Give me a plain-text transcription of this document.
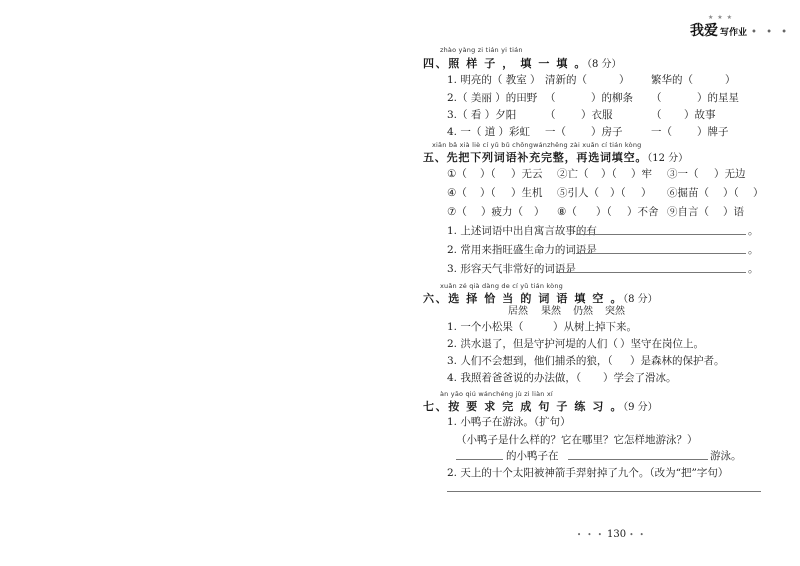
★ ★ ★
我爱 写作业 • • •
zhào yàng zi tián yi tián
四、照 样 子 ， 填 一 填 。（8 分）
1. 明亮的（ 教室 ） 清新的（	） 繁华的（	）
2.（ 美丽 ）的田野 （	）的柳条 （	）的星星
3.（ 看 ）夕阳	（ ）衣服	（ ）故事
4. 一（ 道 ）彩虹 一（ ）房子	一（ ）牌子
xiān bǎ xià liè cí yǔ bǔ chōngwánzhěng zài xuǎn cí tián kòng
五、先把下列词语补充完整，再选词填空。（12 分）
①（ ）（ ）无云 ②亡（ ）（ ）牢 ③一（ ）无边
④（ ）（ ）生机 ⑤引人（ ）（ ） ⑥掘苗（ ）（ ）
⑦（ ）疲力（ ） ⑧（ ）（ ）不舍 ⑨自言（ ）语
1. 上述词语中出自寓言故事的有	。
2. 常用来指旺盛生命力的词语是	。
3. 形容天气非常好的词语是	。
xuǎn zé qià dàng de cí yǔ tián kòng
六、选 择 恰 当 的 词 语 填 空 。（8 分）
居然 果然 仍然 突然
1. 一个小松果（	）从树上掉下来。
2. 洪水退了，但是守护河堤的人们（ ）坚守在岗位上。
3. 人们不会想到，他们捕杀的狼，（ ）是森林的保护者。
4. 我照着爸爸说的办法做，（ ）学会了滑冰。
àn yāo qiú wánchéng jù zi liàn xí
七、按 要 求 完 成 句 子 练 习 。（9 分）
1. 小鸭子在游泳。（扩句）
（小鸭子是什么样的？它在哪里？它怎样地游泳？）
的小鸭子在	游泳。
2. 天上的十个太阳被神箭手羿射掉了九个。（改为“把”字句）
• • • 130 • •
